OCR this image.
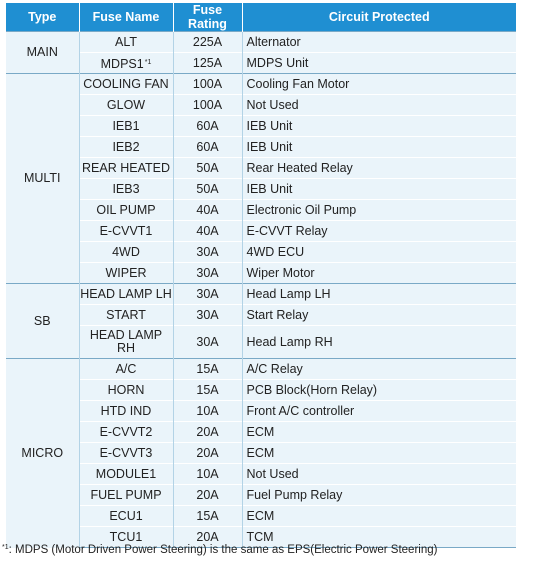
Type	Fuse Name	Fuse Rating	Circuit Protected
MAIN	ALT	225A	Alternator
	MDPS1$^{*1}$	125A	MDPS Unit
MULTI	COOLING FAN	100A	Cooling Fan Motor
	GLOW	100A	Not Used
	IEB1	60A	IEB Unit
	IEB2	60A	IEB Unit
	REAR HEATED	50A	Rear Heated Relay
	IEB3	50A	IEB Unit
	OIL PUMP	40A	Electronic Oil Pump
	E-CVVT1	40A	E-CVVT Relay
	4WD	30A	4WD ECU
	WIPER	30A	Wiper Motor
SB	HEAD LAMP LH	30A	Head Lamp LH
	START	30A	Start Relay
	HEAD LAMP RH	30A	Head Lamp RH
MICRO	A/C	15A	A/C Relay
	HORN	15A	PCB Block(Horn Relay)
	HTD IND	10A	Front A/C controller
	E-CVVT2	20A	ECM
	E-CVVT3	20A	ECM
	MODULE1	10A	Not Used
	FUEL PUMP	20A	Fuel Pump Relay
	ECU1	15A	ECM
	TCU1	20A	TCM
$^{*1}$: MDPS (Motor Driven Power Steering) is the same as EPS(Electric Power Steering)
